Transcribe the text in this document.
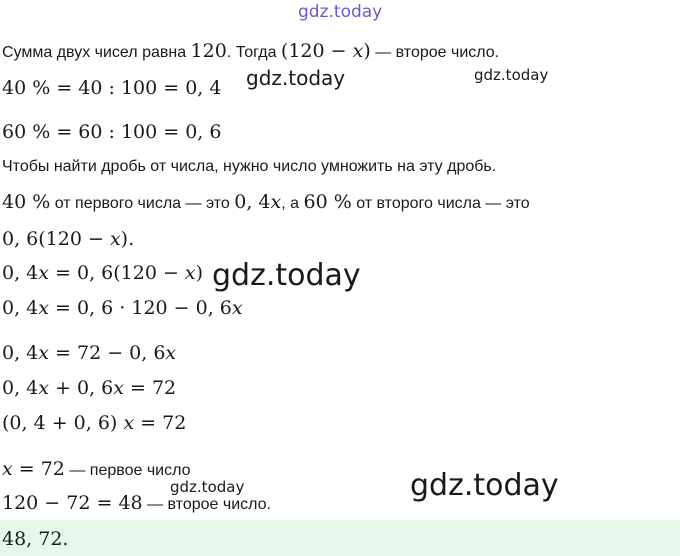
gdz.today
gdz.today	gdz.today
gdz.today
gdz.today
gdz.today
Сумма двух чисел равна 120. Тогда (120 − x) — второе число.
40 % = 40 : 100 = 0, 4
60 % = 60 : 100 = 0, 6
Чтобы найти дробь от числа, нужно число умножить на эту дробь.
40 % от первого числа — это 0, 4x, а 60 % от второго числа — это
0, 6(120 − x).
0, 4x = 0, 6(120 − x)
0, 4x = 0, 6 · 120 − 0, 6x
0, 4x = 72 − 0, 6x
0, 4x + 0, 6x = 72
(0, 4 + 0, 6) x = 72
x = 72 — первое число
120 − 72 = 48 — второе число.
48, 72.
